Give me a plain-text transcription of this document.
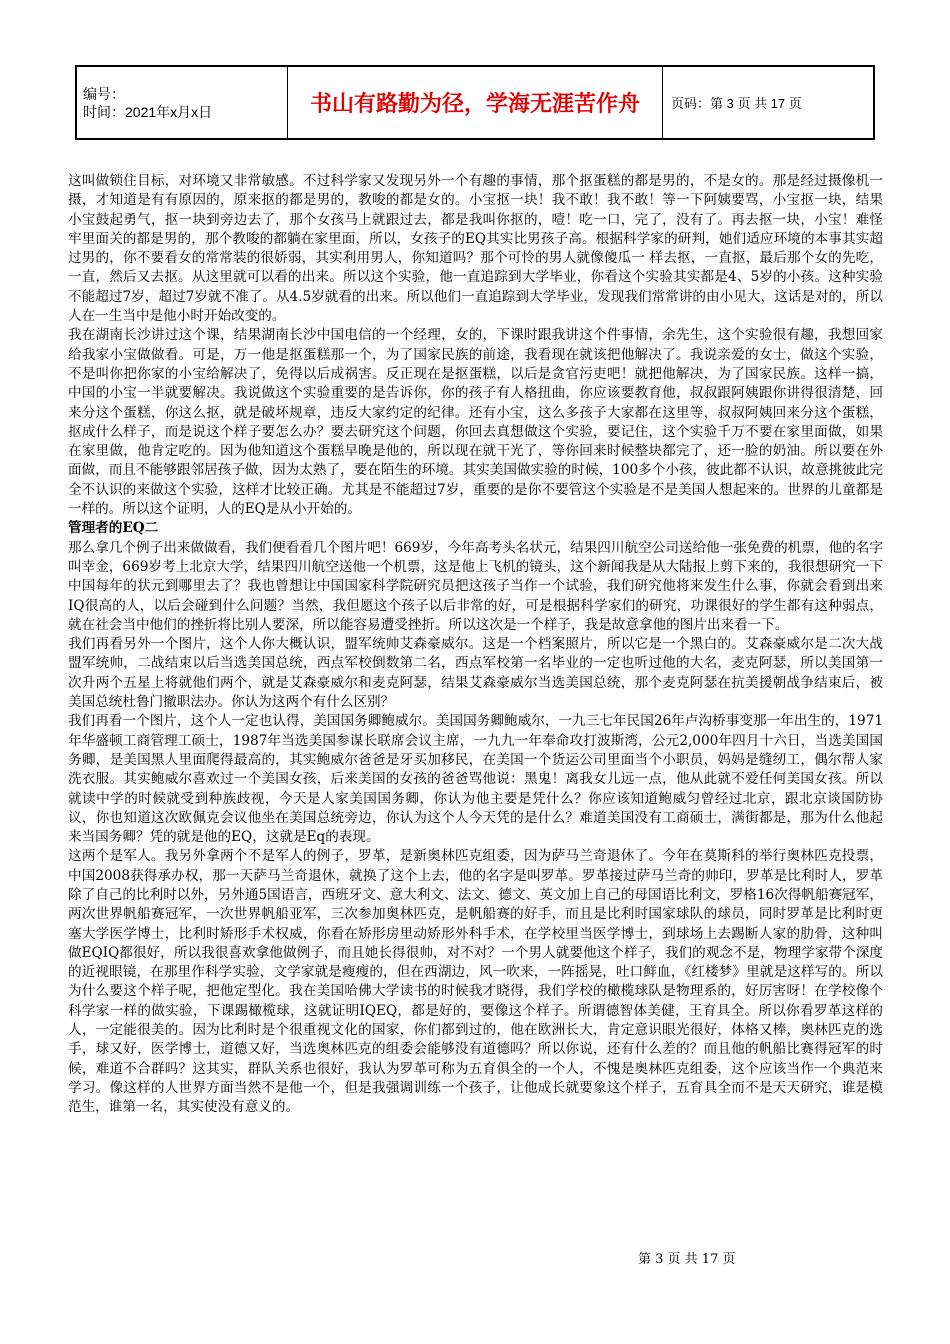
编号：
时间：2021年x月x日	书山有路勤为径，学海无涯苦作舟	页码：第 3 页 共 17 页

这叫做锁住目标，对环境又非常敏感。不过科学家又发现另外一个有趣的事情，那个抠蛋糕的都是男的，不是女的。那是经过摄像机一摄，才知道是有有原因的，原来抠的都是男的，教唆的都是女的。小宝抠一块！我不敢！我不敢！等一下阿姨要骂，小宝抠一块，结果小宝鼓起勇气，抠一块到旁边去了，那个女孩马上就跟过去，都是我叫你抠的，噎！吃一口，完了，没有了。再去抠一块，小宝！难怪牢里面关的都是男的，那个教唆的都躺在家里面，所以，女孩子的EQ其实比男孩子高。根据科学家的研判，她们适应环境的本事其实超过男的，你不要看女的常常装的很娇弱，其实利用男人，你知道吗？那个可怜的男人就像傻瓜一 样去抠，一直抠，最后那个女的先吃，一直，然后又去抠。从这里就可以看的出来。所以这个实验，他一直追踪到大学毕业，你看这个实验其实都是4、5岁的小孩。这种实验不能超过7岁，超过7岁就不准了。从4.5岁就看的出来。所以他们一直追踪到大学毕业，发现我们常常讲的由小见大，这话是对的，所以人在一生当中是他小时开始改变的。

我在湖南长沙讲过这个课，结果湖南长沙中国电信的一个经理，女的，下课时跟我讲这个件事情，余先生，这个实验很有趣，我想回家给我家小宝做做看。可是，万一他是抠蛋糕那一个，为了国家民族的前途，我看现在就该把他解决了。我说亲爱的女士，做这个实验，不是叫你把你家的小宝给解决了，免得以后成祸害。反正现在是抠蛋糕，以后是贪官污吏吧！就把他解决，为了国家民族。这样一搞，中国的小宝一半就要解决。我说做这个实验重要的是告诉你，你的孩子有人格扭曲，你应该要教育他，叔叔跟阿姨跟你讲得很清楚，回来分这个蛋糕，你这么抠，就是破坏规章，违反大家约定的纪律。还有小宝，这么多孩子大家都在这里等，叔叔阿姨回来分这个蛋糕，抠成什么样子，而是说这个样子要怎么办？要去研究这个问题，你回去真想做这个实验，要记住，这个实验千万不要在家里面做，如果在家里做，他肯定吃的。因为他知道这个蛋糕早晚是他的，所以现在就干光了，等你回来时候整块都完了，还一脸的奶油。所以要在外面做，而且不能够跟邻居孩子做，因为太熟了，要在陌生的环境。其实美国做实验的时候，100多个小孩，彼此都不认识，故意挑彼此完全不认识的来做这个实验，这样才比较正确。尤其是不能超过7岁，重要的是你不要管这个实验是不是美国人想起来的。世界的儿童都是一样的。所以这个证明，人的EQ是从小开始的。

管理者的EQ二

那么拿几个例子出来做做看，我们便看看几个图片吧！669岁，今年高考头名状元，结果四川航空公司送给他一张免费的机票，他的名字叫幸金，669岁考上北京大学，结果四川航空送他一个机票，这是他上飞机的镜头，这个新闻我是从大陆报上剪下来的，我很想研究一下中国每年的状元到哪里去了？我也曾想让中国国家科学院研究员把这孩子当作一个试验，我们研究他将来发生什么事，你就会看到出来IQ很高的人，以后会碰到什么问题？当然，我但愿这个孩子以后非常的好，可是根据科学家们的研究，功课很好的学生都有这种弱点，就在社会当中他们的挫折将比别人要深，所以能容易遭受挫折。所以这次是一个样子，我是故意拿他的图片出来看一下。

我们再看另外一个图片，这个人你大概认识，盟军统帅艾森豪威尔。这是一个档案照片，所以它是一个黑白的。艾森豪威尔是二次大战盟军统帅，二战结束以后当选美国总统，西点军校倒数第二名，西点军校第一名毕业的一定也听过他的大名，麦克阿瑟，所以美国第一次升两个五星上将就他们两个，就是艾森豪威尔和麦克阿瑟，结果艾森豪威尔当选美国总统，那个麦克阿瑟在抗美援朝战争结束后，被美国总统杜鲁门撤职法办。你认为这两个有什么区别？

我们再看一个图片，这个人一定也认得，美国国务卿鲍威尔。美国国务卿鲍威尔，一九三七年民国26年卢沟桥事变那一年出生的，1971年华盛顿工商管理工硕士，1987年当选美国参谋长联席会议主席，一九九一年奉命攻打波斯湾，公元2,000年四月十六日，当选美国国务卿，是美国黑人里面爬得最高的，其实鲍威尔爸爸是牙买加移民，在美国一个货运公司里面当个小职员，妈妈是缝纫工，偶尔帮人家洗衣服。其实鲍威尔喜欢过一个美国女孩，后来美国的女孩的爸爸骂他说：黑鬼！离我女儿远一点，他从此就不爱任何美国女孩。所以就读中学的时候就受到种族歧视，今天是人家美国国务卿，你认为他主要是凭什么？你应该知道鲍威匀曾经过北京，跟北京谈国防协议，你也知道这次欧佩克会议他坐在美国总统旁边，你认为这个人今天凭的是什么？难道美国没有工商硕士，满街都是，那为什么他起来当国务卿？凭的就是他的EQ，这就是Eq的表现。

这两个是军人。我另外拿两个不是军人的例子，罗革，是新奥林匹克组委，因为萨马兰奇退休了。今年在莫斯科的举行奥林匹克投票，中国2008获得承办权，那一天萨马兰奇退休，就换了这个上去，他的名字是叫罗革。罗革接过萨马兰奇的帅印，罗革是比利时人，罗革除了自己的比利时以外，另外通5国语言，西班牙文、意大利文、法文、德文、英文加上自己的母国语比利文，罗格16次得帆船赛冠军，两次世界帆船赛冠军，一次世界帆船亚军，三次参加奥林匹克，是帆船赛的好手，而且是比利时国家球队的球员，同时罗革是比利时更塞大学医学博士，比利时矫形手术权威，你看在矫形房里动矫形外科手术，在学校里当医学博士，到球场上去踢断人家的肋骨，这种叫做EQIQ都很好，所以我很喜欢拿他做例子，而且她长得很帅，对不对？一个男人就要他这个样子，我们的观念不是，物理学家带个深度的近视眼镜，在那里作科学实验，文学家就是瘦瘦的，但在西湖边，风一吹来，一阵摇晃，吐口鲜血，《红楼梦》里就是这样写的。所以为什么要这个样子呢，把他定型化。我在美国哈佛大学读书的时候我才晓得，我们学校的橄榄球队是物理系的，好厉害呀！在学校像个科学家一样的做实验，下课踢橄榄球，这就证明IQEQ，都是好的，要像这个样子。所谓德智体美健，王育具全。所以你看罗革这样的人，一定能很美的。因为比利时是个很重视文化的国家，你们都到过的，他在欧洲长大，肯定意识眼光很好，体格又棒，奥林匹克的选手，球又好，医学博士，道德又好，当选奥林匹克的组委会能够没有道德吗？所以你说，还有什么差的？而且他的帆船比赛得冠军的时候，难道不合群吗？这其实，群队关系也很好，我认为罗革可称为五育俱全的一个人，不愧是奥林匹克组委，这个应该当作一个典范来学习。像这样的人世界方面当然不是他一个，但是我强调训练一个孩子，让他成长就要象这个样子，五育具全而不是天天研究，谁是模范生，谁第一名，其实使没有意义的。

第 3 页 共 17 页
